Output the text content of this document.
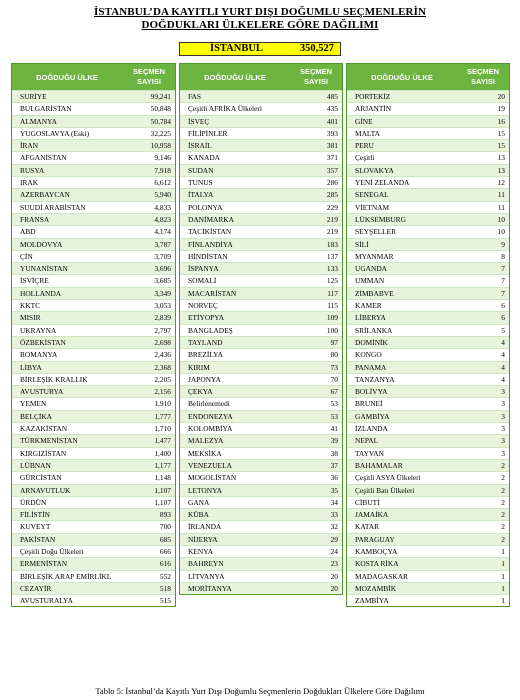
İSTANBUL’DA KAYITLI YURT DIŞI DOĞUMLU SEÇMENLERİN
DOĞDUKLARI ÜLKELERE GÖRE DAĞILIMI
İSTANBUL	350,527
DOĞDUĞU ÜLKE
SEÇMEN SAYISI
SURİYE	99,241
BULGARİSTAN	50,848
ALMANYA	50,784
YUGOSLAVYA (Eski)	32,225
İRAN	10,958
AFGANİSTAN	9,146
RUSYA	7,918
IRAK	6,612
AZERBAYCAN	5,940
SUUDİ ARABİSTAN	4,833
FRANSA	4,823
ABD	4,174
MOLDOVYA	3,787
ÇİN	3,709
YUNANİSTAN	3,696
İSVİÇRE	3,685
HOLLANDA	3,349
KKTC	3,053
MISIR	2,839
UKRAYNA	2,797
ÖZBEKİSTAN	2,698
ROMANYA	2,436
LİBYA	2,368
BİRLEŞİK KRALLIK	2,205
AVUSTURYA	2,156
YEMEN	1,910
BELÇİKA	1,777
KAZAKİSTAN	1,710
TÜRKMENİSTAN	1,477
KIRGIZİSTAN	1,400
LÜBNAN	1,177
GÜRCİSTAN	1,148
ARNAVUTLUK	1,107
ÜRDÜN	1,107
FİLİSTİN	893
KUVEYT	700
PAKİSTAN	685
Çeşitli Doğu Ülkeleri	666
ERMENİSTAN	616
BİRLEŞİK ARAP EMİRLİKL	552
CEZAYİR	518
AVUSTURALYA	515
DOĞDUĞU ÜLKE
SEÇMEN SAYISI
FAS	485
Çeşitli AFRİKA Ülkeleri	435
İSVEÇ	401
FİLİPİNLER	393
İSRAİL	381
KANADA	371
SUDAN	357
TUNUS	286
İTALYA	285
POLONYA	229
DANİMARKA	219
TACİKİSTAN	219
FİNLANDİYA	183
HİNDİSTAN	137
İSPANYA	133
SOMALİ	125
MACARİSTAN	117
NORVEÇ	115
ETİYOPYA	109
BANGLADEŞ	100
TAYLAND	97
BREZİLYA	80
KIRIM	73
JAPONYA	70
ÇEKYA	67
Belirlenemedi	53
ENDONEZYA	53
KOLOMBİYA	41
MALEZYA	39
MEKSİKA	38
VENEZUELA	37
MOGOLİSTAN	36
LETONYA	35
GANA	34
KÜBA	33
İRLANDA	32
NİJERYA	29
KENYA	24
BAHREYN	23
LİTVANYA	20
MORİTANYA	20
DOĞDUĞU ÜLKE
SEÇMEN SAYISI
PORTEKİZ	20
ARJANTİN	19
GİNE	16
MALTA	15
PERU	15
Çeşitli	13
SLOVAKYA	13
YENİ ZELANDA	12
SENEGAL	11
VİETNAM	11
LÜKSEMBURG	10
SEYŞELLER	10
SİLİ	9
MYANMAR	8
UGANDA	7
UMMAN	7
ZİMBABVE	7
KAMER	6
LİBERYA	6
SRİLANKA	5
DOMİNİK	4
KONGO	4
PANAMA	4
TANZANYA	4
BOLİVYA	3
BRUNEİ	3
GAMBİYA	3
İZLANDA	3
NEPAL	3
TAYVAN	3
BAHAMALAR	2
Çeşitli ASYA Ülkeleri	2
Çeşitli Batı Ülkeleri	2
CİBUTİ	2
JAMAİKA	2
KATAR	2
PARAGUAY	2
KAMBOÇYA	1
KOSTA RİKA	1
MADAGASKAR	1
MOZAMBİK	1
ZAMBİYA	1
Tablo 5: İstanbul’da Kayıtlı Yurt Dışı Doğumlu Seçmenlerin Doğdukları Ülkelere Göre Dağılımı
